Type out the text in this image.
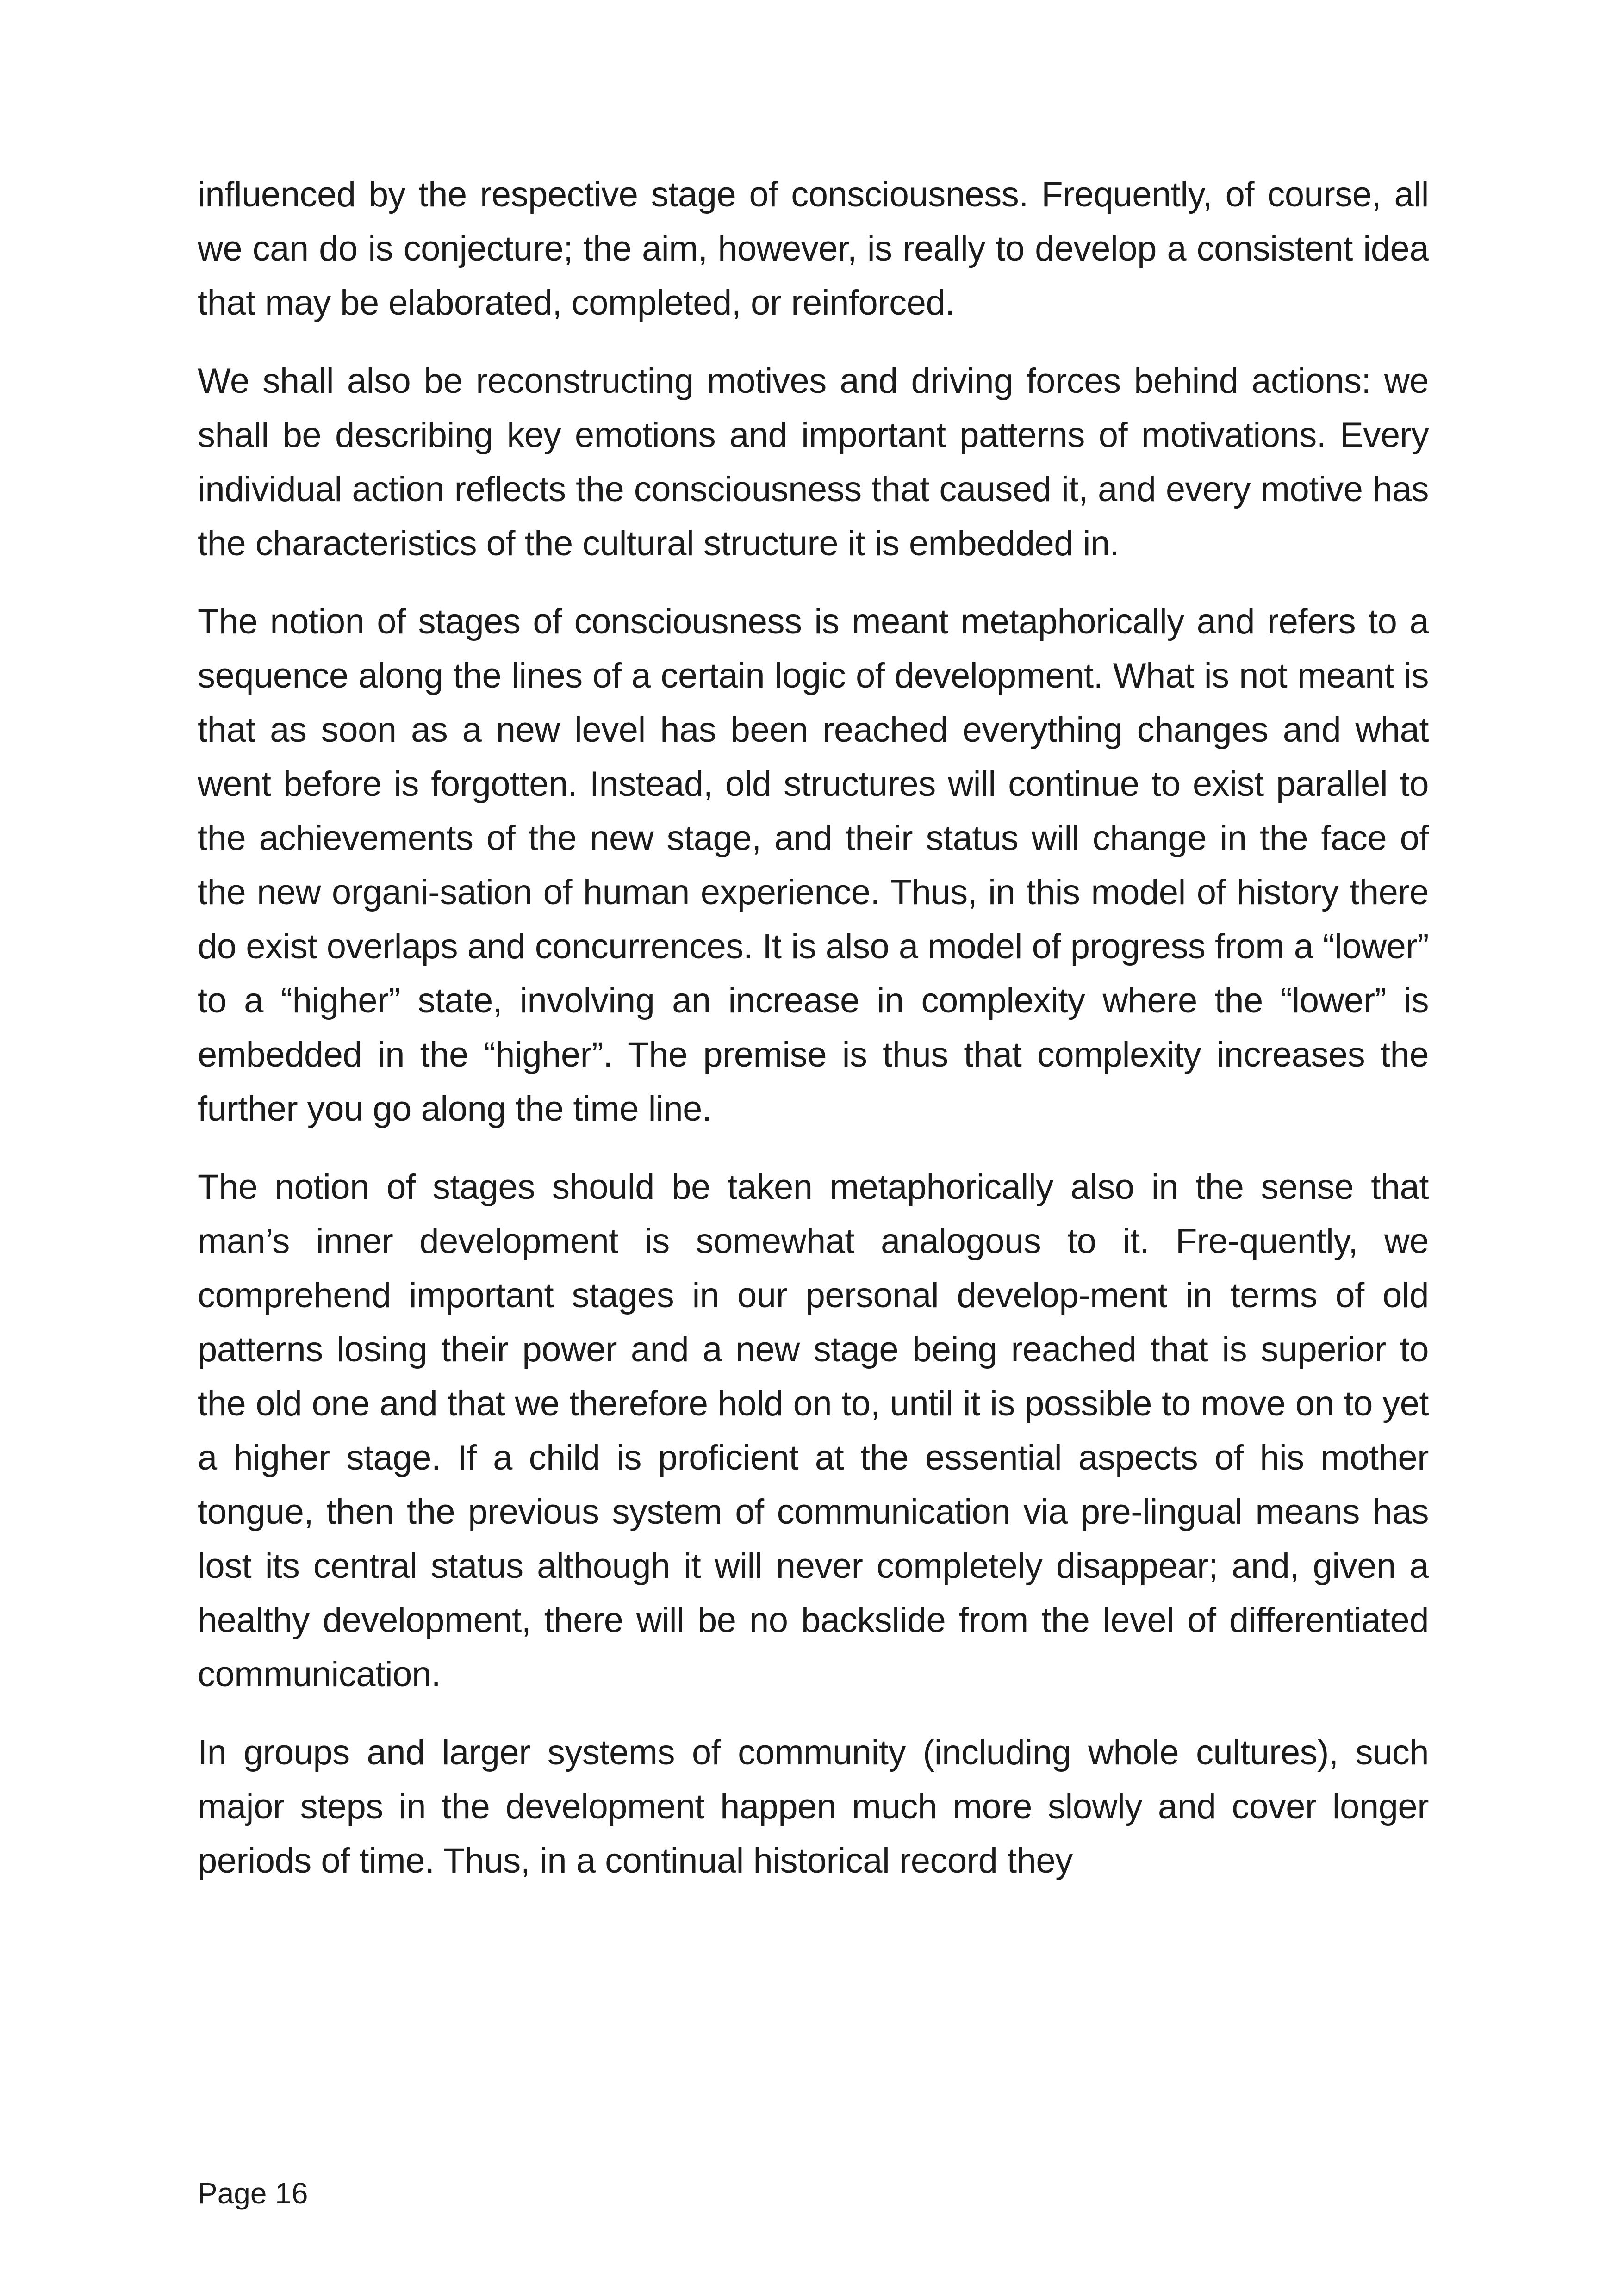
influenced by the respective stage of consciousness. Frequently, of course, all we can do is conjecture; the aim, however, is really to develop a consistent idea that may be elaborated, completed, or reinforced.

We shall also be reconstructing motives and driving forces behind actions: we shall be describing key emotions and important patterns of motivations. Every individual action reflects the consciousness that caused it, and every motive has the characteristics of the cultural structure it is embedded in.

The notion of stages of consciousness is meant metaphorically and refers to a sequence along the lines of a certain logic of development. What is not meant is that as soon as a new level has been reached everything changes and what went before is forgotten. Instead, old structures will continue to exist parallel to the achievements of the new stage, and their status will change in the face of the new organi-sation of human experience. Thus, in this model of history there do exist overlaps and concurrences. It is also a model of progress from a “lower” to a “higher” state, involving an increase in complexity where the “lower” is embedded in the “higher”. The premise is thus that complexity increases the further you go along the time line.

The notion of stages should be taken metaphorically also in the sense that man’s inner development is somewhat analogous to it. Fre-quently, we comprehend important stages in our personal develop-ment in terms of old patterns losing their power and a new stage being reached that is superior to the old one and that we therefore hold on to, until it is possible to move on to yet a higher stage. If a child is proficient at the essential aspects of his mother tongue, then the previous system of communication via pre-lingual means has lost its central status although it will never completely disappear; and, given a healthy development, there will be no backslide from the level of differentiated communication.

In groups and larger systems of community (including whole cultures), such major steps in the development happen much more slowly and cover longer periods of time. Thus, in a continual historical record they

Page 16
